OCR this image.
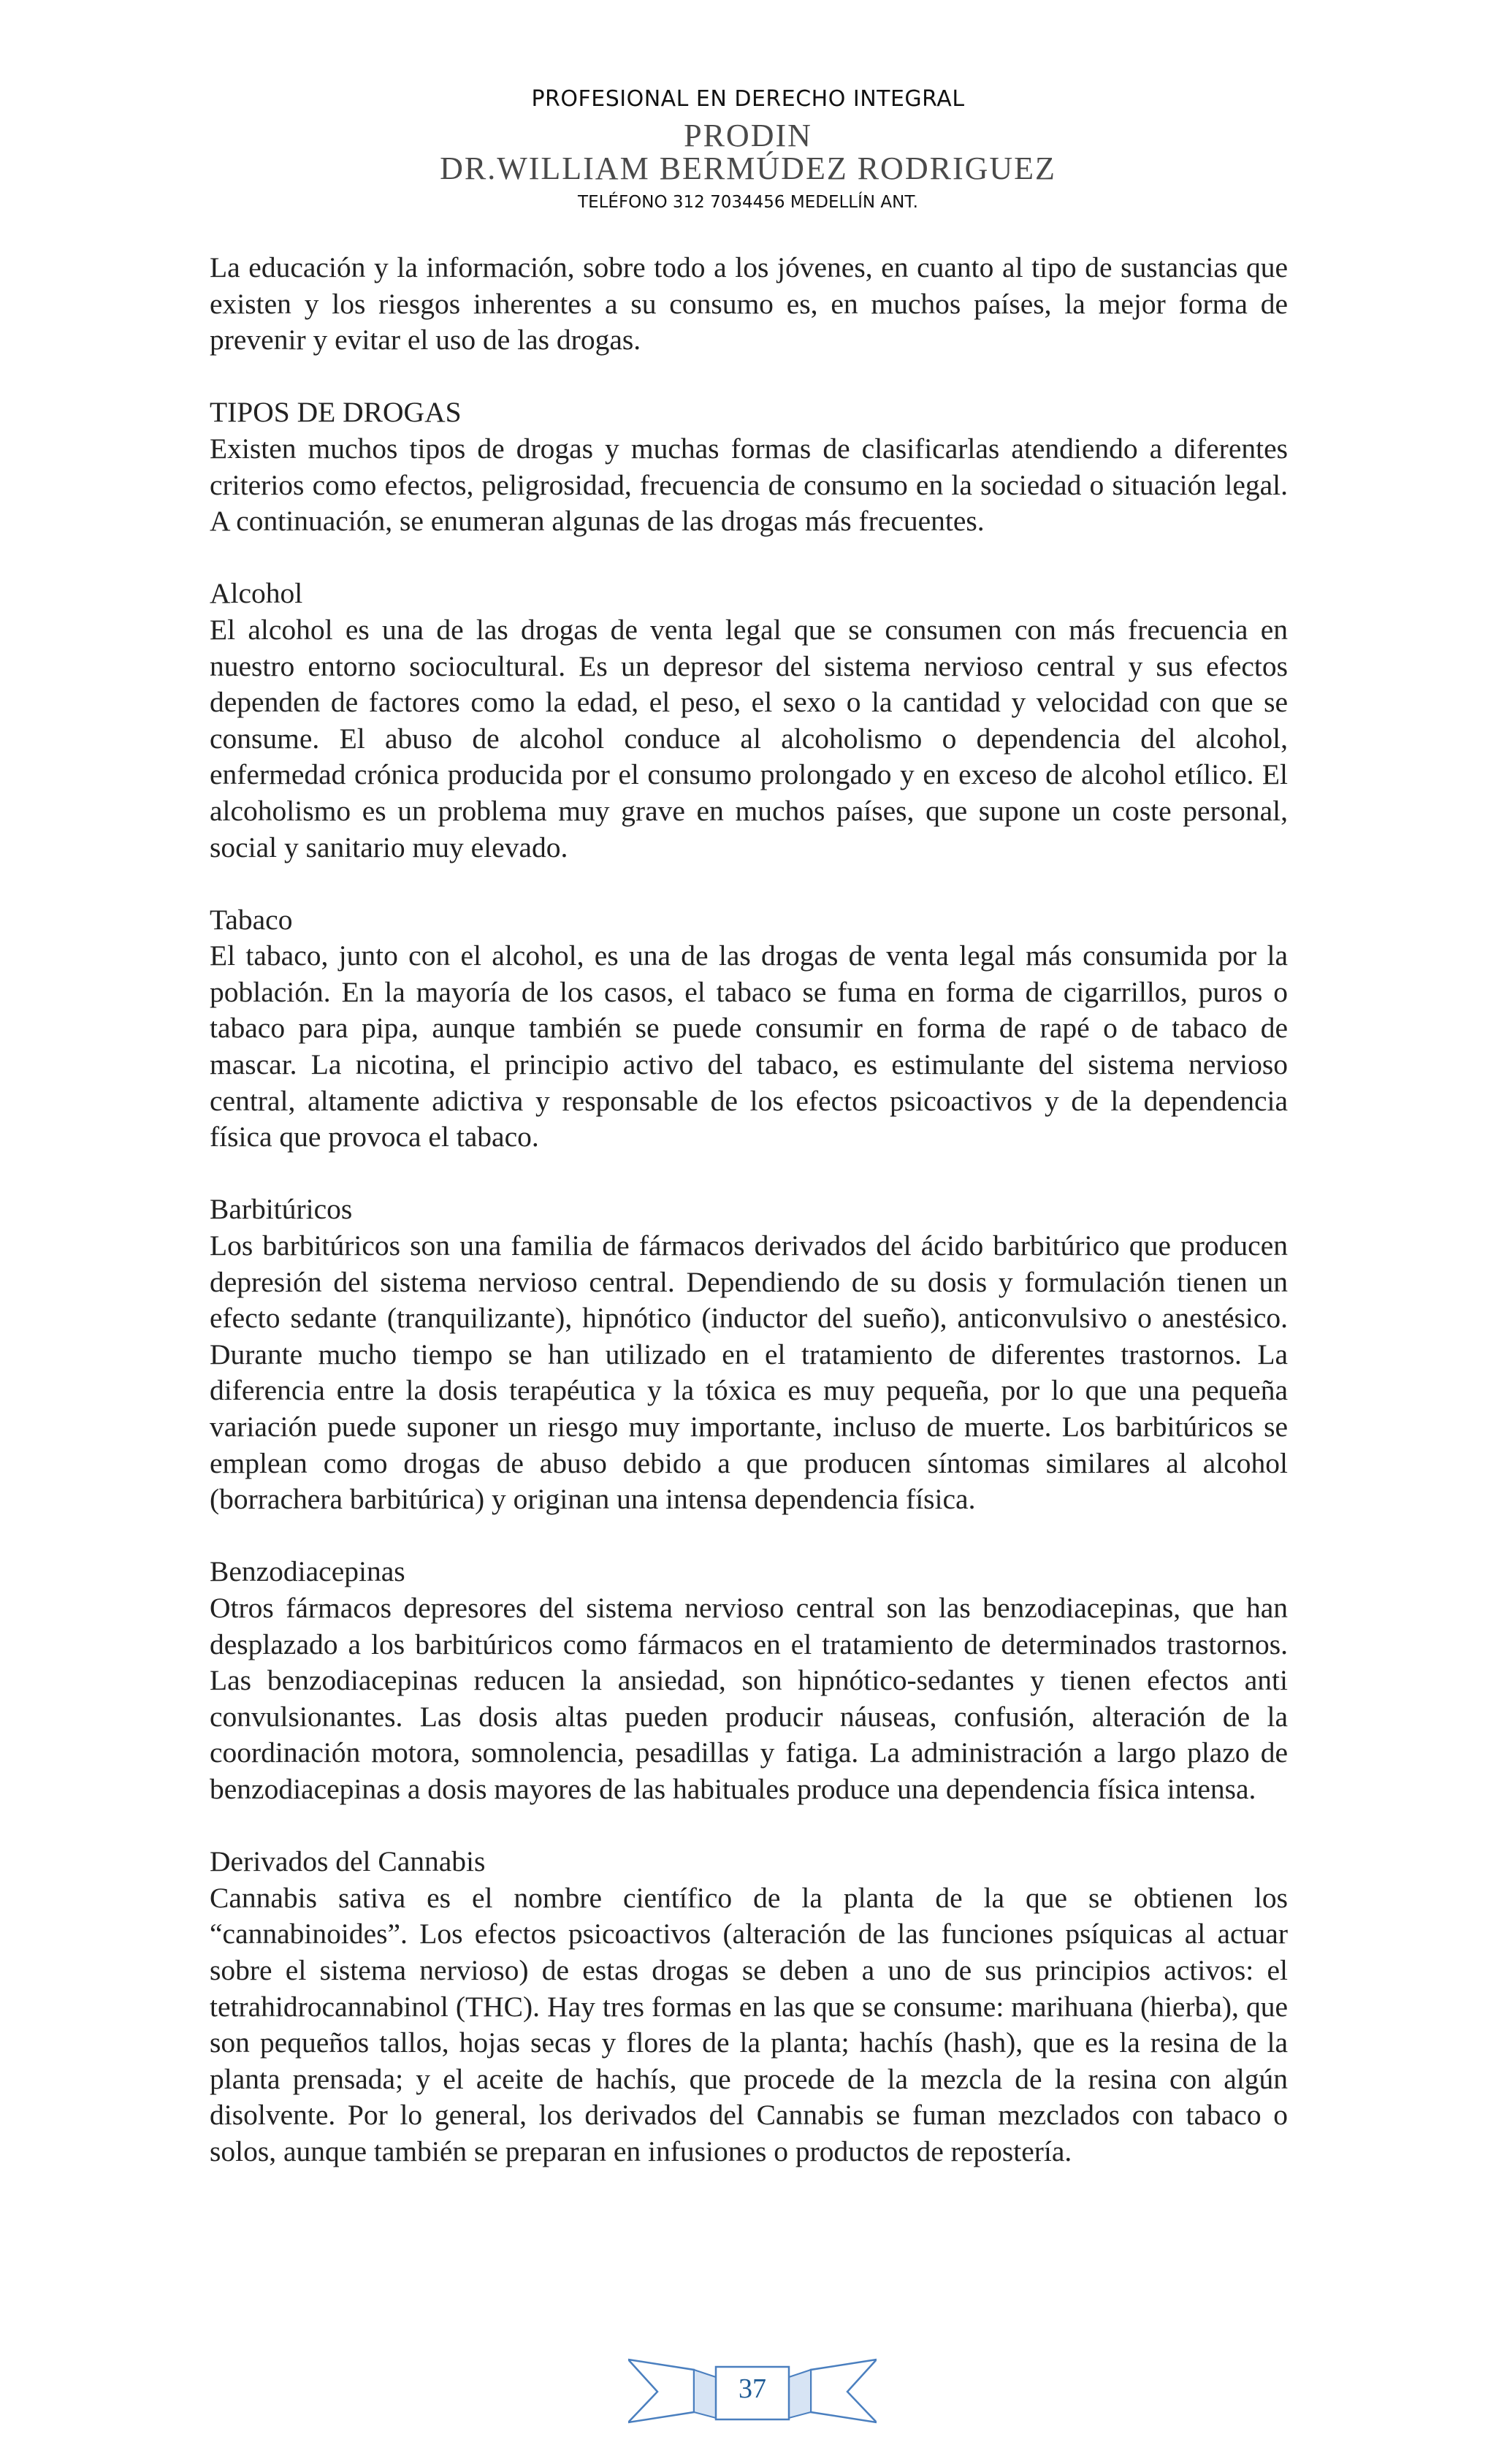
PROFESIONAL EN DERECHO INTEGRAL
PRODIN
DR.WILLIAM BERMÚDEZ RODRIGUEZ
TELÉFONO 312 7034456 MEDELLÍN ANT.

La educación y la información, sobre todo a los jóvenes, en cuanto al tipo de sustancias que existen y los riesgos inherentes a su consumo es, en muchos países, la mejor forma de prevenir y evitar el uso de las drogas.

TIPOS DE DROGAS

Existen muchos tipos de drogas y muchas formas de clasificarlas atendiendo a diferentes criterios como efectos, peligrosidad, frecuencia de consumo en la sociedad o situación legal. A continuación, se enumeran algunas de las drogas más frecuentes.

Alcohol

El alcohol es una de las drogas de venta legal que se consumen con más frecuencia en nuestro entorno sociocultural. Es un depresor del sistema nervioso central y sus efectos dependen de factores como la edad, el peso, el sexo o la cantidad y velocidad con que se consume. El abuso de alcohol conduce al alcoholismo o dependencia del alcohol, enfermedad crónica producida por el consumo prolongado y en exceso de alcohol etílico. El alcoholismo es un problema muy grave en muchos países, que supone un coste personal, social y sanitario muy elevado.

Tabaco

El tabaco, junto con el alcohol, es una de las drogas de venta legal más consumida por la población. En la mayoría de los casos, el tabaco se fuma en forma de cigarrillos, puros o tabaco para pipa, aunque también se puede consumir en forma de rapé o de tabaco de mascar. La nicotina, el principio activo del tabaco, es estimulante del sistema nervioso central, altamente adictiva y responsable de los efectos psicoactivos y de la dependencia física que provoca el tabaco.

Barbitúricos

Los barbitúricos son una familia de fármacos derivados del ácido barbitúrico que producen depresión del sistema nervioso central. Dependiendo de su dosis y formulación tienen un efecto sedante (tranquilizante), hipnótico (inductor del sueño), anticonvulsivo o anestésico. Durante mucho tiempo se han utilizado en el tratamiento de diferentes trastornos. La diferencia entre la dosis terapéutica y la tóxica es muy pequeña, por lo que una pequeña variación puede suponer un riesgo muy importante, incluso de muerte. Los barbitúricos se emplean como drogas de abuso debido a que producen síntomas similares al alcohol (borrachera barbitúrica) y originan una intensa dependencia física.

Benzodiacepinas

Otros fármacos depresores del sistema nervioso central son las benzodiacepinas, que han desplazado a los barbitúricos como fármacos en el tratamiento de determinados trastornos. Las benzodiacepinas reducen la ansiedad, son hipnótico-sedantes y tienen efectos anti convulsionantes. Las dosis altas pueden producir náuseas, confusión, alteración de la coordinación motora, somnolencia, pesadillas y fatiga. La administración a largo plazo de benzodiacepinas a dosis mayores de las habituales produce una dependencia física intensa.

Derivados del Cannabis

Cannabis sativa es el nombre científico de la planta de la que se obtienen los “cannabinoides”. Los efectos psicoactivos (alteración de las funciones psíquicas al actuar sobre el sistema nervioso) de estas drogas se deben a uno de sus principios activos: el tetrahidrocannabinol (THC). Hay tres formas en las que se consume: marihuana (hierba), que son pequeños tallos, hojas secas y flores de la planta; hachís (hash), que es la resina de la planta prensada; y el aceite de hachís, que procede de la mezcla de la resina con algún disolvente. Por lo general, los derivados del Cannabis se fuman mezclados con tabaco o solos, aunque también se preparan en infusiones o productos de repostería.

37
